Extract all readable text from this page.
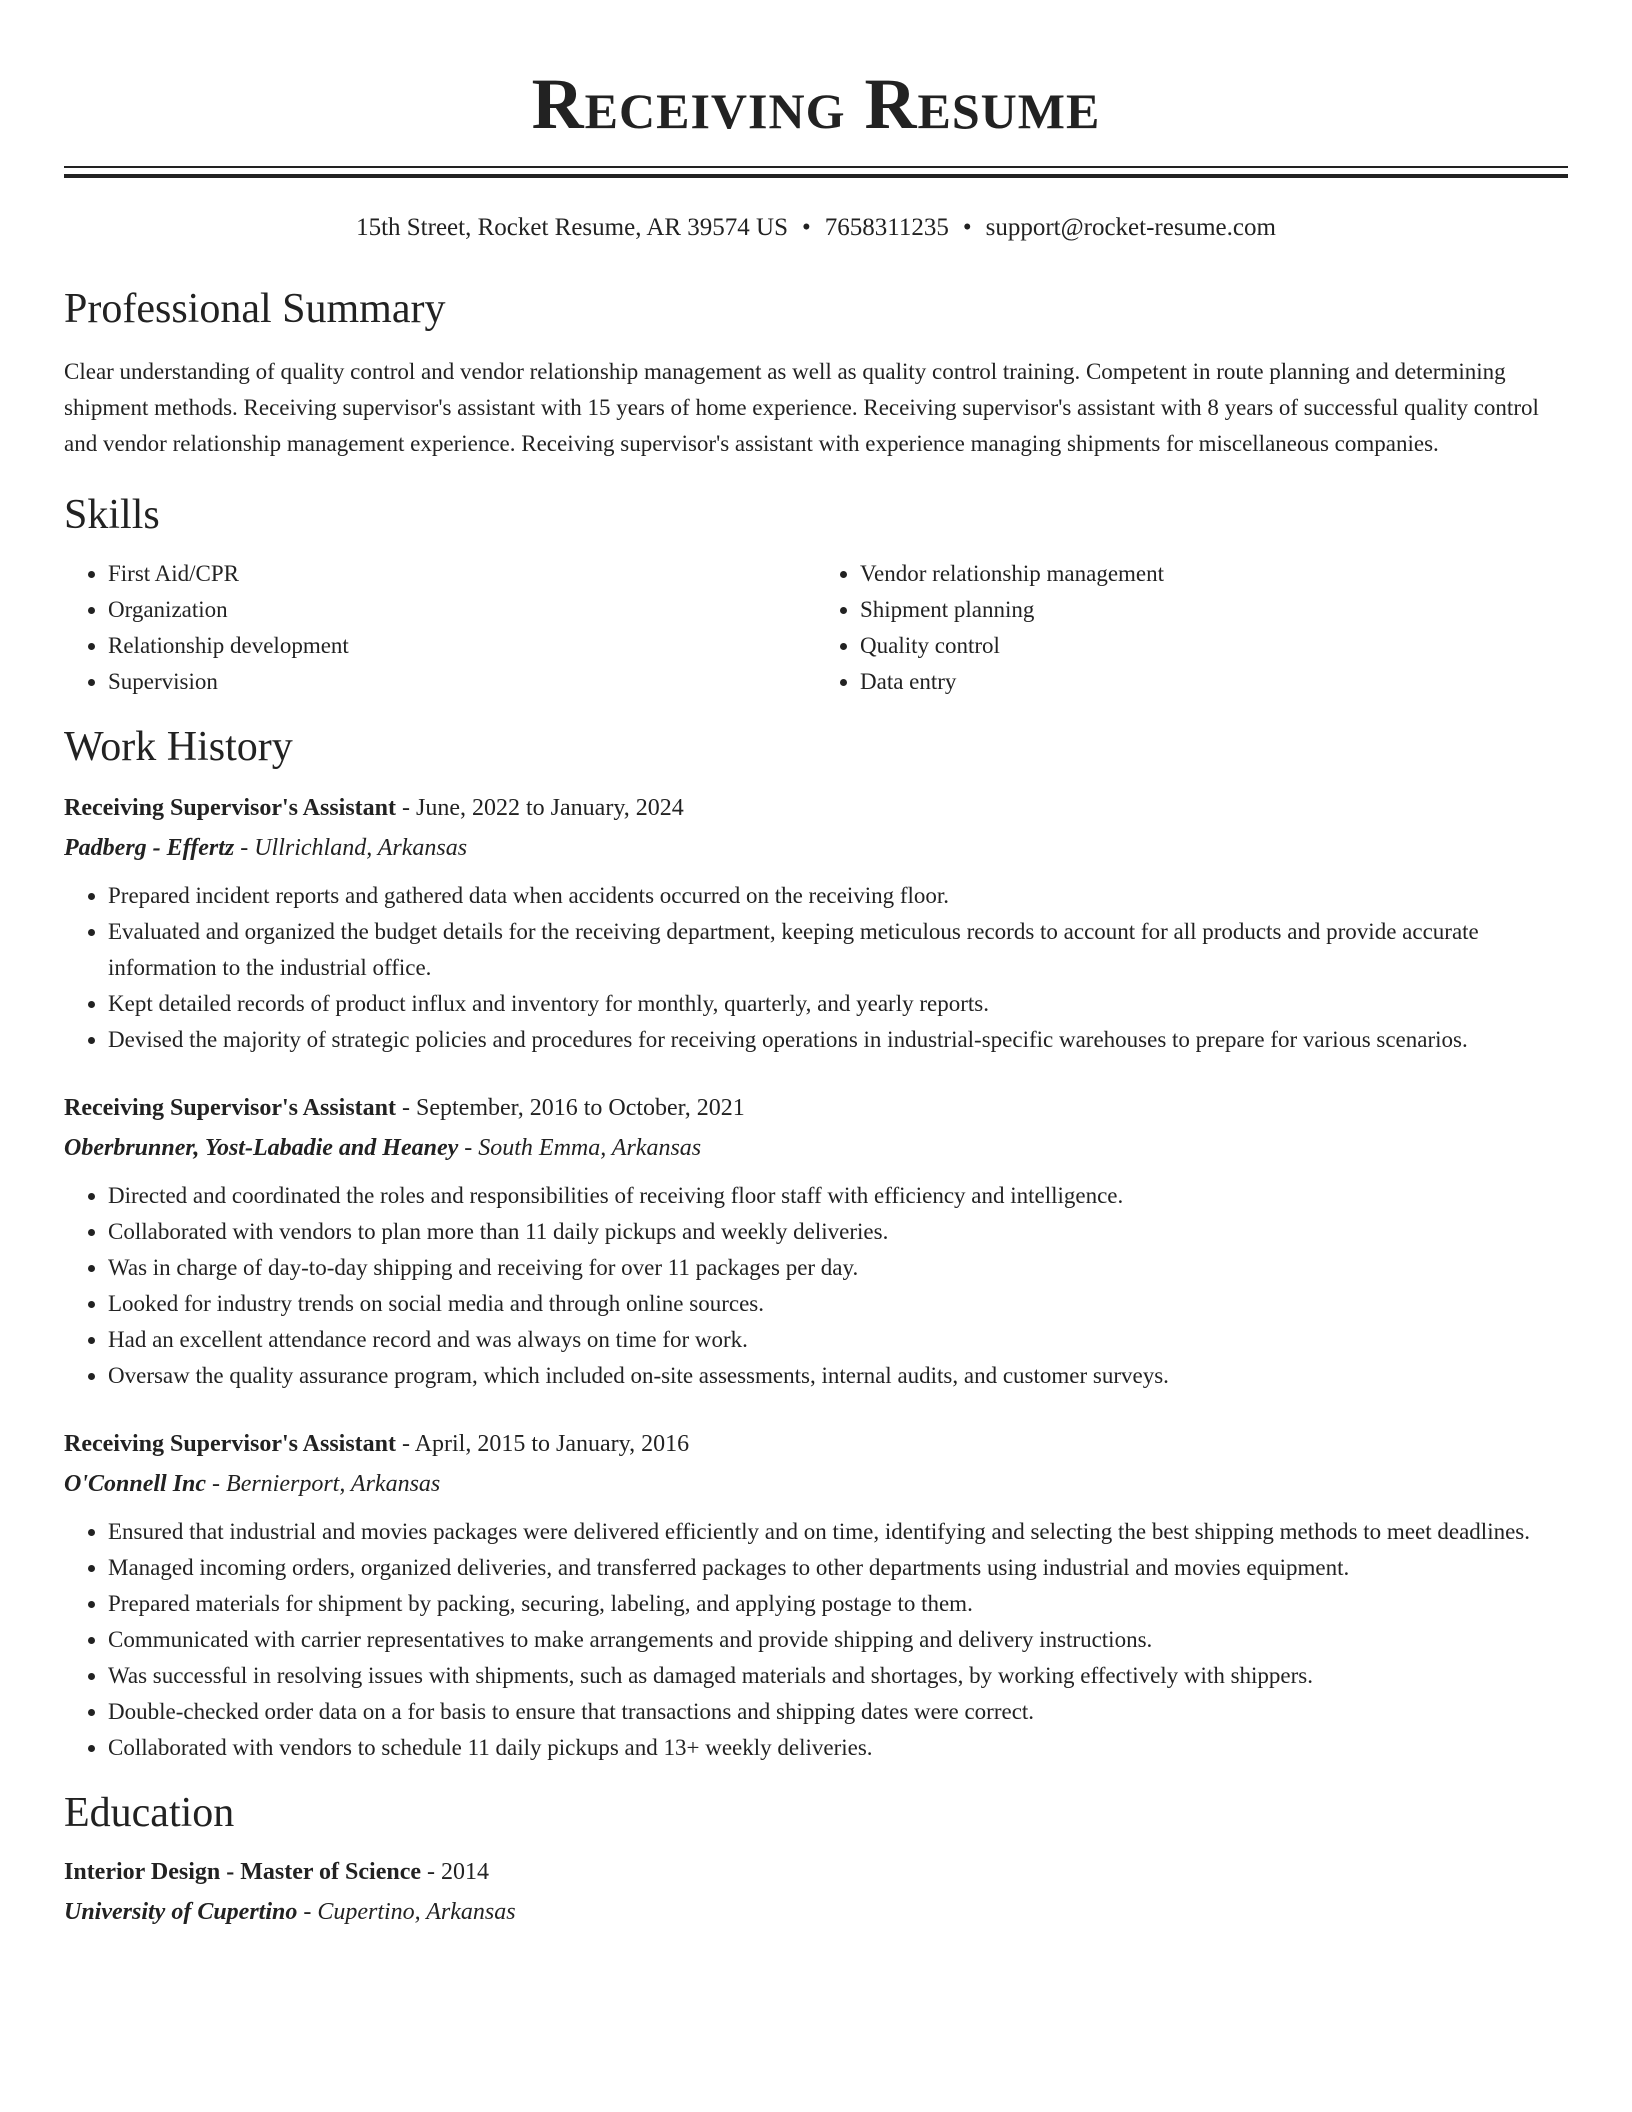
Receiving Resume
15th Street, Rocket Resume, AR 39574 US • 7658311235 • support@rocket-resume.com
Professional Summary

Clear understanding of quality control and vendor relationship management as well as quality control training. Competent in route planning and determining shipment methods. Receiving supervisor's assistant with 15 years of home experience. Receiving supervisor's assistant with 8 years of successful quality control and vendor relationship management experience. Receiving supervisor's assistant with experience managing shipments for miscellaneous companies.

Skills
• First Aid/CPR
• Organization
• Relationship development
• Supervision
• Vendor relationship management
• Shipment planning
• Quality control
• Data entry
Work History
Receiving Supervisor's Assistant - June, 2022 to January, 2024
Padberg - Effertz - Ullrichland, Arkansas
• Prepared incident reports and gathered data when accidents occurred on the receiving floor.
• Evaluated and organized the budget details for the receiving department, keeping meticulous records to account for all products and provide accurate information to the industrial office.
• Kept detailed records of product influx and inventory for monthly, quarterly, and yearly reports.
• Devised the majority of strategic policies and procedures for receiving operations in industrial-specific warehouses to prepare for various scenarios.
Receiving Supervisor's Assistant - September, 2016 to October, 2021
Oberbrunner, Yost-Labadie and Heaney - South Emma, Arkansas
• Directed and coordinated the roles and responsibilities of receiving floor staff with efficiency and intelligence.
• Collaborated with vendors to plan more than 11 daily pickups and weekly deliveries.
• Was in charge of day-to-day shipping and receiving for over 11 packages per day.
• Looked for industry trends on social media and through online sources.
• Had an excellent attendance record and was always on time for work.
• Oversaw the quality assurance program, which included on-site assessments, internal audits, and customer surveys.
Receiving Supervisor's Assistant - April, 2015 to January, 2016
O'Connell Inc - Bernierport, Arkansas
• Ensured that industrial and movies packages were delivered efficiently and on time, identifying and selecting the best shipping methods to meet deadlines.
• Managed incoming orders, organized deliveries, and transferred packages to other departments using industrial and movies equipment.
• Prepared materials for shipment by packing, securing, labeling, and applying postage to them.
• Communicated with carrier representatives to make arrangements and provide shipping and delivery instructions.
• Was successful in resolving issues with shipments, such as damaged materials and shortages, by working effectively with shippers.
• Double-checked order data on a for basis to ensure that transactions and shipping dates were correct.
• Collaborated with vendors to schedule 11 daily pickups and 13+ weekly deliveries.
Education
Interior Design - Master of Science - 2014
University of Cupertino - Cupertino, Arkansas
